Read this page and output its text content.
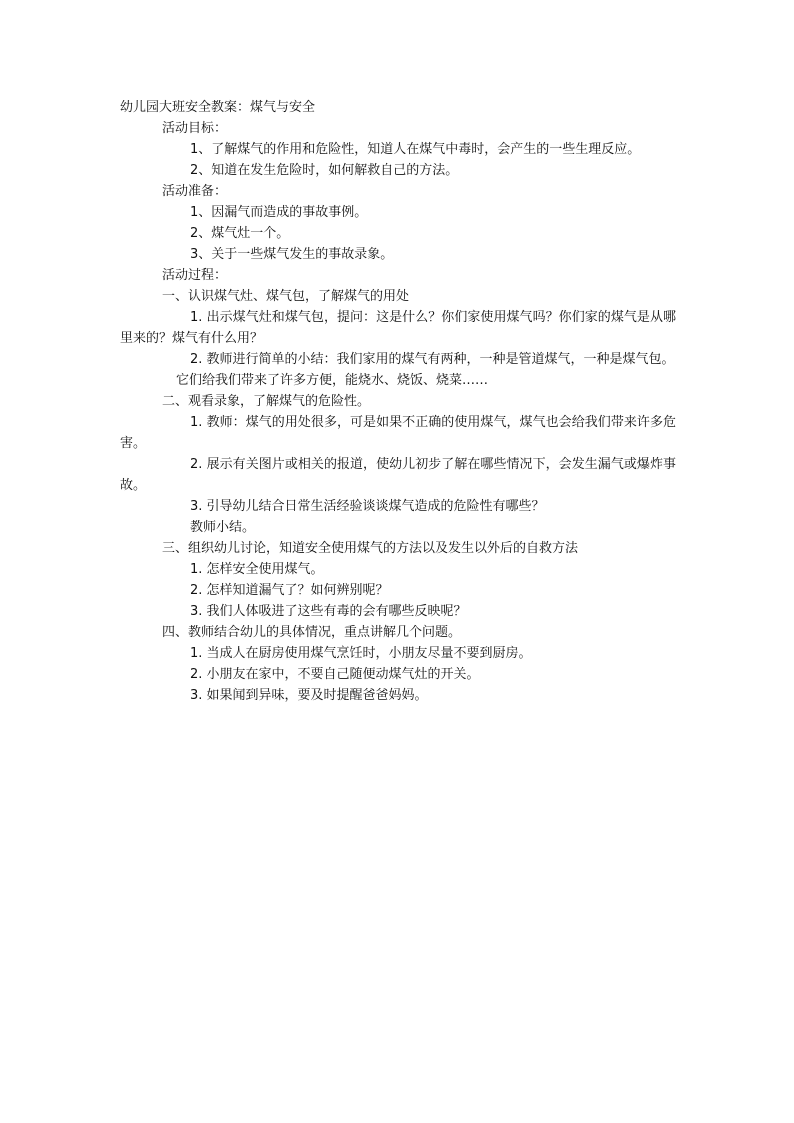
幼儿园大班安全教案：煤气与安全
活动目标：
1、了解煤气的作用和危险性，知道人在煤气中毒时，会产生的一些生理反应。
2、知道在发生危险时，如何解救自己的方法。
活动准备：
1、因漏气而造成的事故事例。
2、煤气灶一个。
3、关于一些煤气发生的事故录象。
活动过程：
一、认识煤气灶、煤气包，了解煤气的用处
1. 出示煤气灶和煤气包，提问：这是什么？你们家使用煤气吗？你们家的煤气是从哪里来的？煤气有什么用？
2. 教师进行简单的小结：我们家用的煤气有两种，一种是管道煤气，一种是煤气包。
它们给我们带来了许多方便，能烧水、烧饭、烧菜……
二、观看录象，了解煤气的危险性。
1. 教师：煤气的用处很多，可是如果不正确的使用煤气，煤气也会给我们带来许多危害。
2. 展示有关图片或相关的报道，使幼儿初步了解在哪些情况下，会发生漏气或爆炸事故。
3. 引导幼儿结合日常生活经验谈谈煤气造成的危险性有哪些？
教师小结。
三、组织幼儿讨论，知道安全使用煤气的方法以及发生以外后的自救方法
1. 怎样安全使用煤气。
2. 怎样知道漏气了？如何辨别呢？
3. 我们人体吸进了这些有毒的会有哪些反映呢？
四、教师结合幼儿的具体情况，重点讲解几个问题。
1. 当成人在厨房使用煤气烹饪时，小朋友尽量不要到厨房。
2. 小朋友在家中，不要自己随便动煤气灶的开关。
3. 如果闻到异味，要及时提醒爸爸妈妈。
